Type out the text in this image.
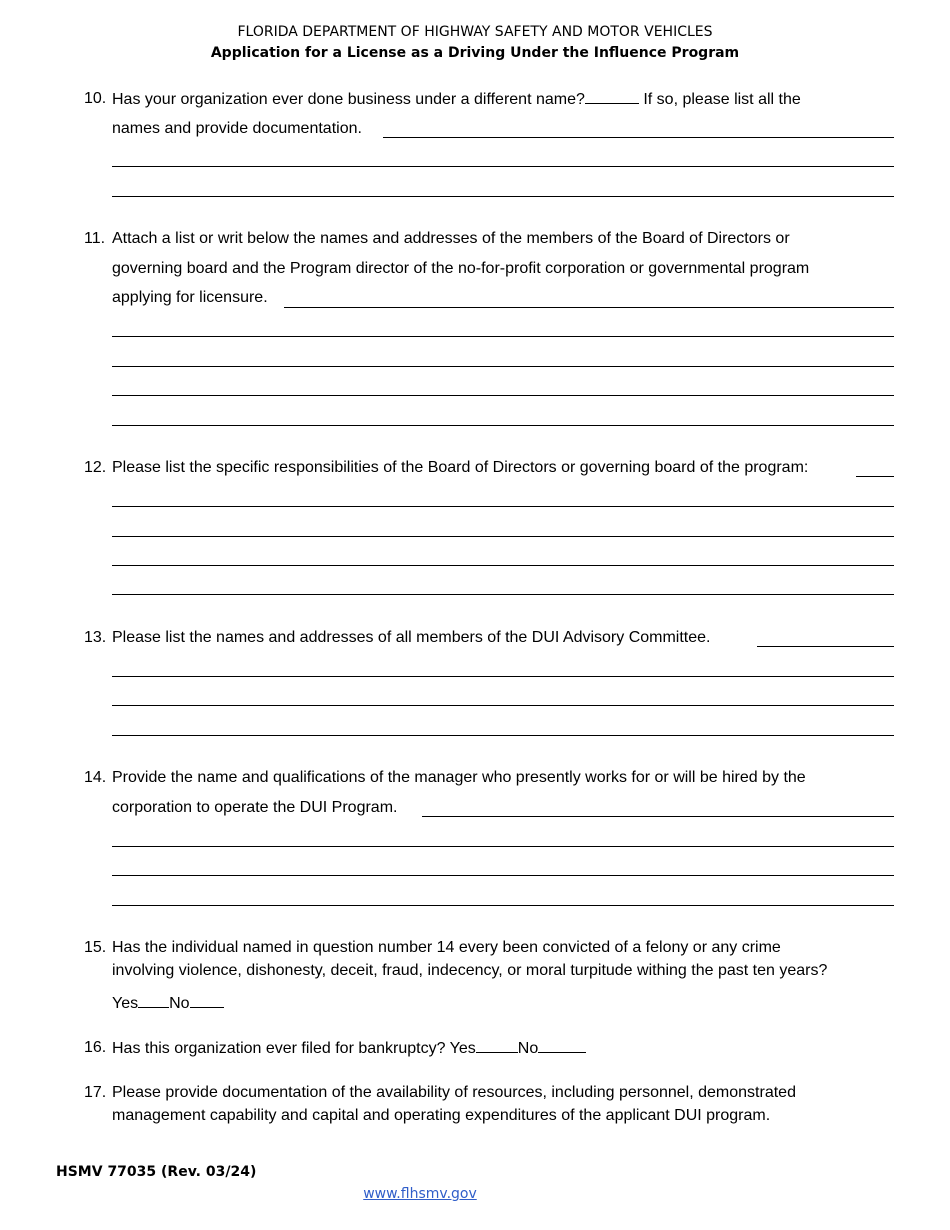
FLORIDA DEPARTMENT OF HIGHWAY SAFETY AND MOTOR VEHICLES
Application for a License as a Driving Under the Influence Program
10. Has your organization ever done business under a different name?	If so, please list all the
names and provide documentation.
11. Attach a list or writ below the names and addresses of the members of the Board of Directors or
governing board and the Program director of the no-for-profit corporation or governmental program
applying for licensure.
12. Please list the specific responsibilities of the Board of Directors or governing board of the program:
13. Please list the names and addresses of all members of the DUI Advisory Committee.
14. Provide the name and qualifications of the manager who presently works for or will be hired by the
corporation to operate the DUI Program.
15. Has the individual named in question number 14 every been convicted of a felony or any crime
involving violence, dishonesty, deceit, fraud, indecency, or moral turpitude withing the past ten years?
Yes No
16. Has this organization ever filed for bankruptcy? Yes	No
17. Please provide documentation of the availability of resources, including personnel, demonstrated
management capability and capital and operating expenditures of the applicant DUI program.
HSMV 77035 (Rev. 03/24)
www.flhsmv.gov
